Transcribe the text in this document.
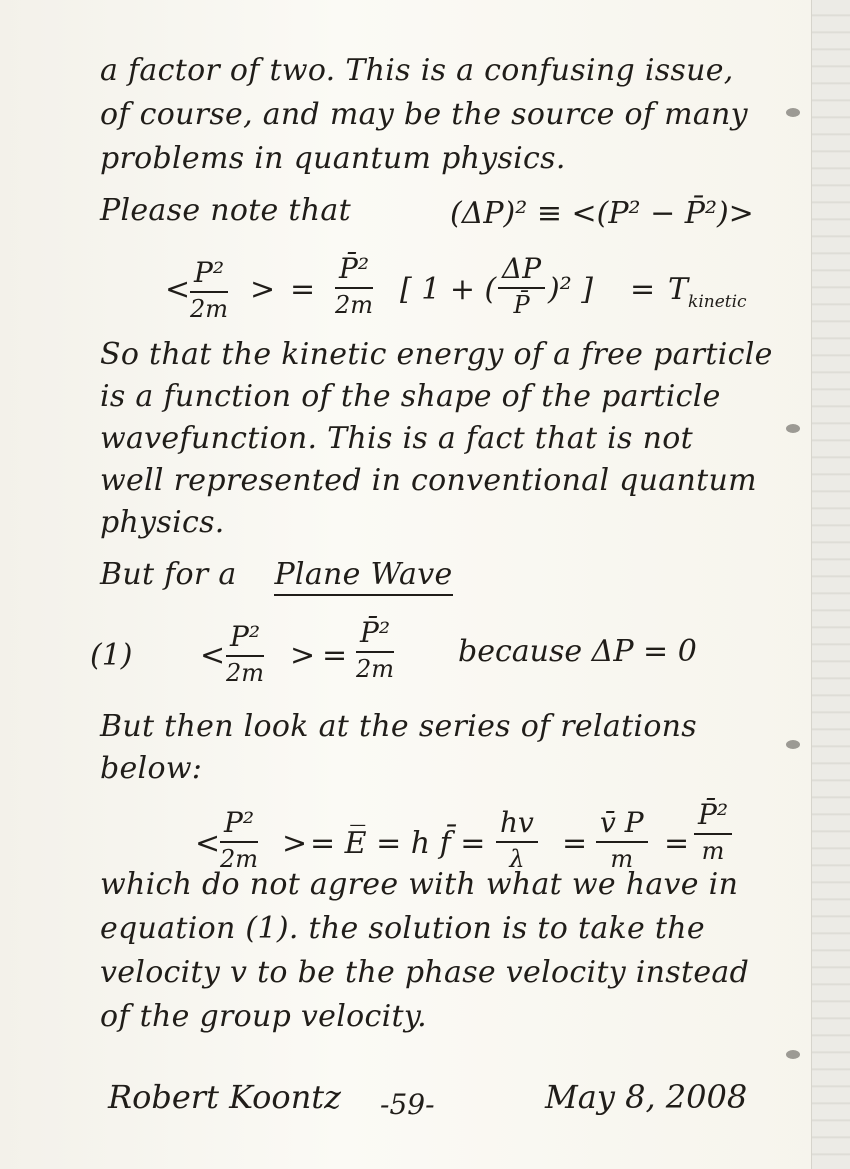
a factor of two. This is a confusing issue,

of course, and may be the source of many

problems in quantum physics.

Please note that	(ΔP)² ≡ <(P² − P̄²)>

< $\frac{\text{P²}}{2m}$ > = $\frac{\text{P̄²}}{2m}$ [ 1 + ( $\frac{\Delta P}{P̄} )^2$ ] = $T_{kinetic}$

So that the kinetic energy of a free particle

is a function of the shape of the particle

wavefunction. This is a fact that is not

well represented in conventional quantum

physics.

But for a Plane Wave

$(1) < \frac{\text{P²}}{2m}$ > = $\frac{\text{P̄²}}{2m}$ because ΔP = 0

But then look at the series of relations

below:

< $\frac{\text{P²}}{2m}$ > = E̅ = h f̄ = $\frac{hv}{\lambda} = \frac{v̄ P}{m} = \frac{\text{P̄²}}{m}$

which do not agree with what we have in

equation (1). the solution is to take the

velocity v to be the phase velocity instead

of the group velocity.

Robert Koontz -59-	May 8, 2008
